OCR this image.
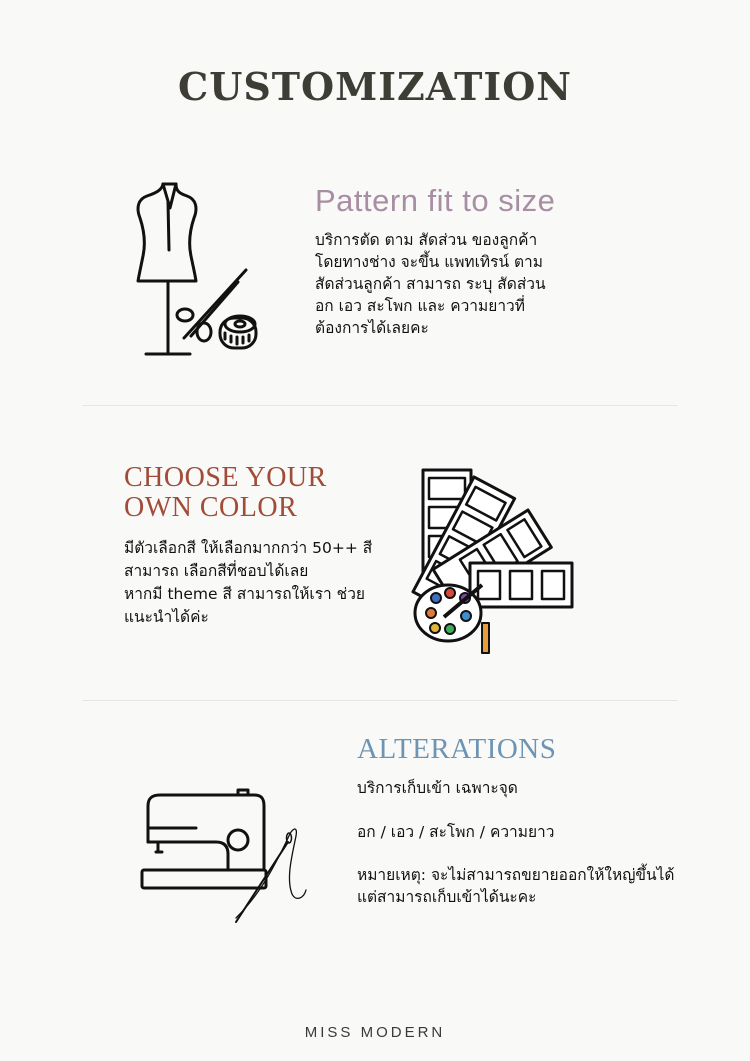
CUSTOMIZATION
Pattern fit to size
บริการตัด ตาม สัดส่วน ของลูกค้า
โดยทางช่าง จะขึ้น แพทเทิรน์ ตาม
สัดส่วนลูกค้า สามารถ ระบุ สัดส่วน
อก เอว สะโพก และ ความยาวที่
ต้องการได้เลยคะ
CHOOSE YOUR
OWN COLOR
มีตัวเลือกสี ให้เลือกมากกว่า 50++ สี
สามารถ เลือกสีที่ชอบได้เลย
หากมี theme สี สามารถให้เรา ช่วย
แนะนำได้ค่ะ
ALTERATIONS
บริการเก็บเข้า เฉพาะจุด
อก / เอว / สะโพก / ความยาว
หมายเหตุ: จะไม่สามารถขยายออกให้ใหญ่ขึ้นได้
แต่สามารถเก็บเข้าได้นะคะ
MISS MODERN
